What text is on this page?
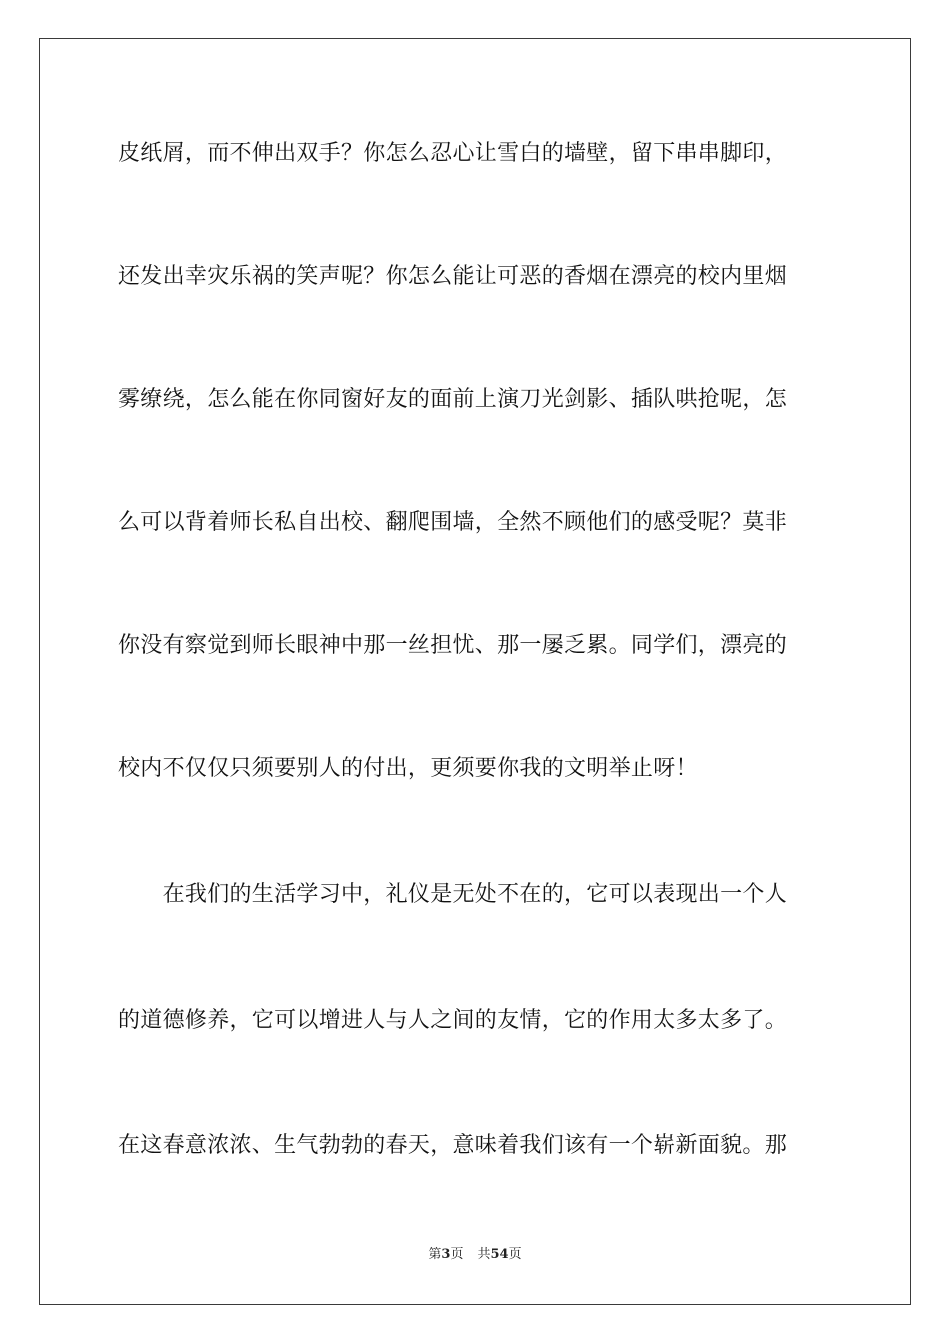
皮纸屑，而不伸出双手？你怎么忍心让雪白的墙壁，留下串串脚印，
还发出幸灾乐祸的笑声呢？你怎么能让可恶的香烟在漂亮的校内里烟
雾缭绕，怎么能在你同窗好友的面前上演刀光剑影、插队哄抢呢，怎
么可以背着师长私自出校、翻爬围墙，全然不顾他们的感受呢？莫非
你没有察觉到师长眼神中那一丝担忧、那一屡乏累。同学们，漂亮的
校内不仅仅只须要别人的付出，更须要你我的文明举止呀！
　　在我们的生活学习中，礼仪是无处不在的，它可以表现出一个人
的道德修养，它可以增进人与人之间的友情，它的作用太多太多了。
在这春意浓浓、生气勃勃的春天，意味着我们该有一个崭新面貌。那
第3页 共54页
